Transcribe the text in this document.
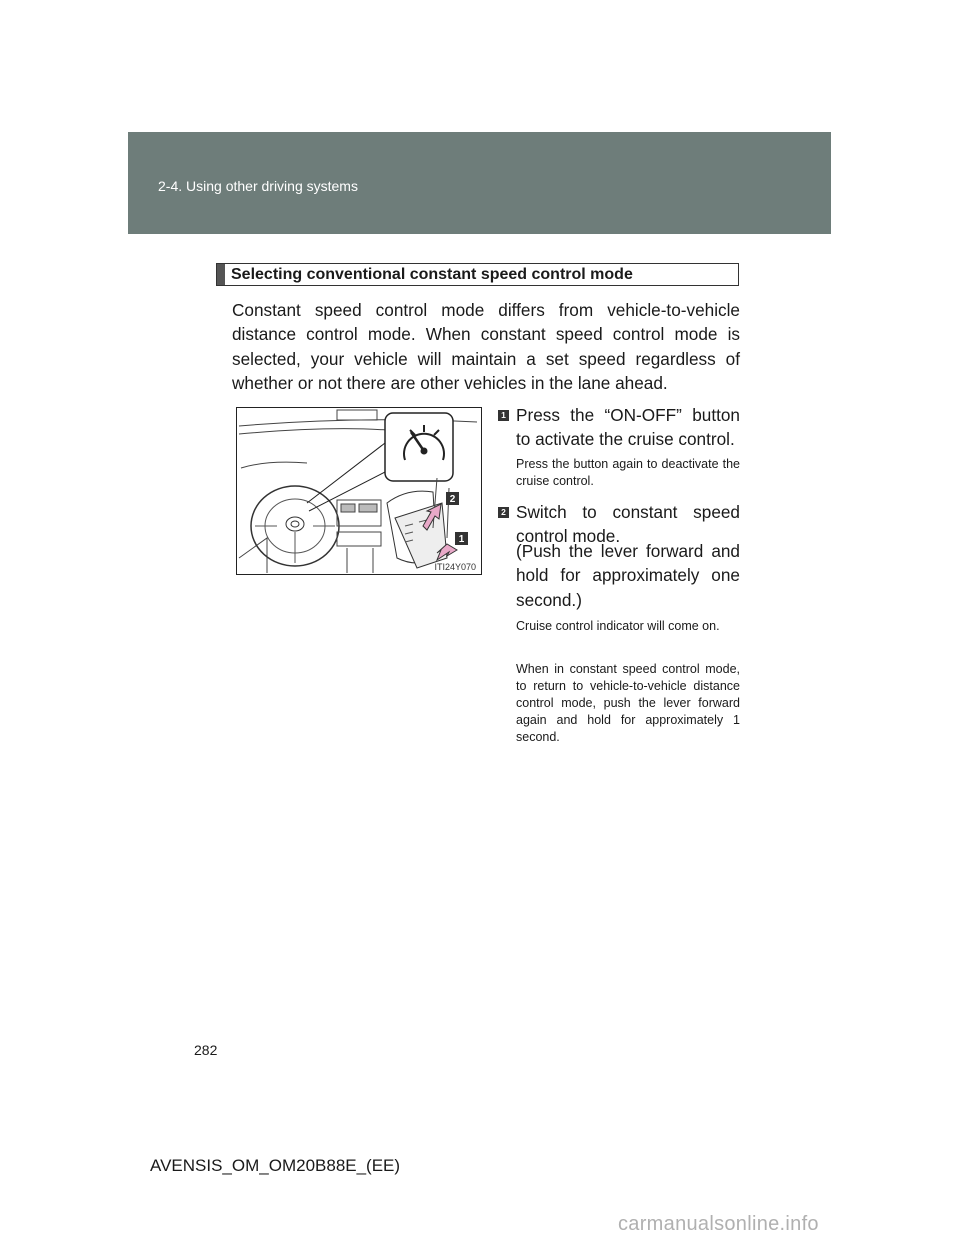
2-4. Using other driving systems
Selecting conventional constant speed control mode

Constant speed control mode differs from vehicle-to-vehicle distance control mode. When constant speed control mode is selected, your vehicle will maintain a set speed regardless of whether or not there are other vehicles in the lane ahead.

2
1
ITI24Y070
1 Press the “ON-OFF” button to activate the cruise control.
Press the button again to deactivate the cruise control.
2 Switch to constant speed control mode.
(Push the lever forward and hold for approximately one second.)
Cruise control indicator will come on.
When in constant speed control mode, to return to vehicle-to-vehicle distance control mode, push the lever forward again and hold for approximately 1 second.
282
AVENSIS_OM_OM20B88E_(EE)
carmanualsonline.info
